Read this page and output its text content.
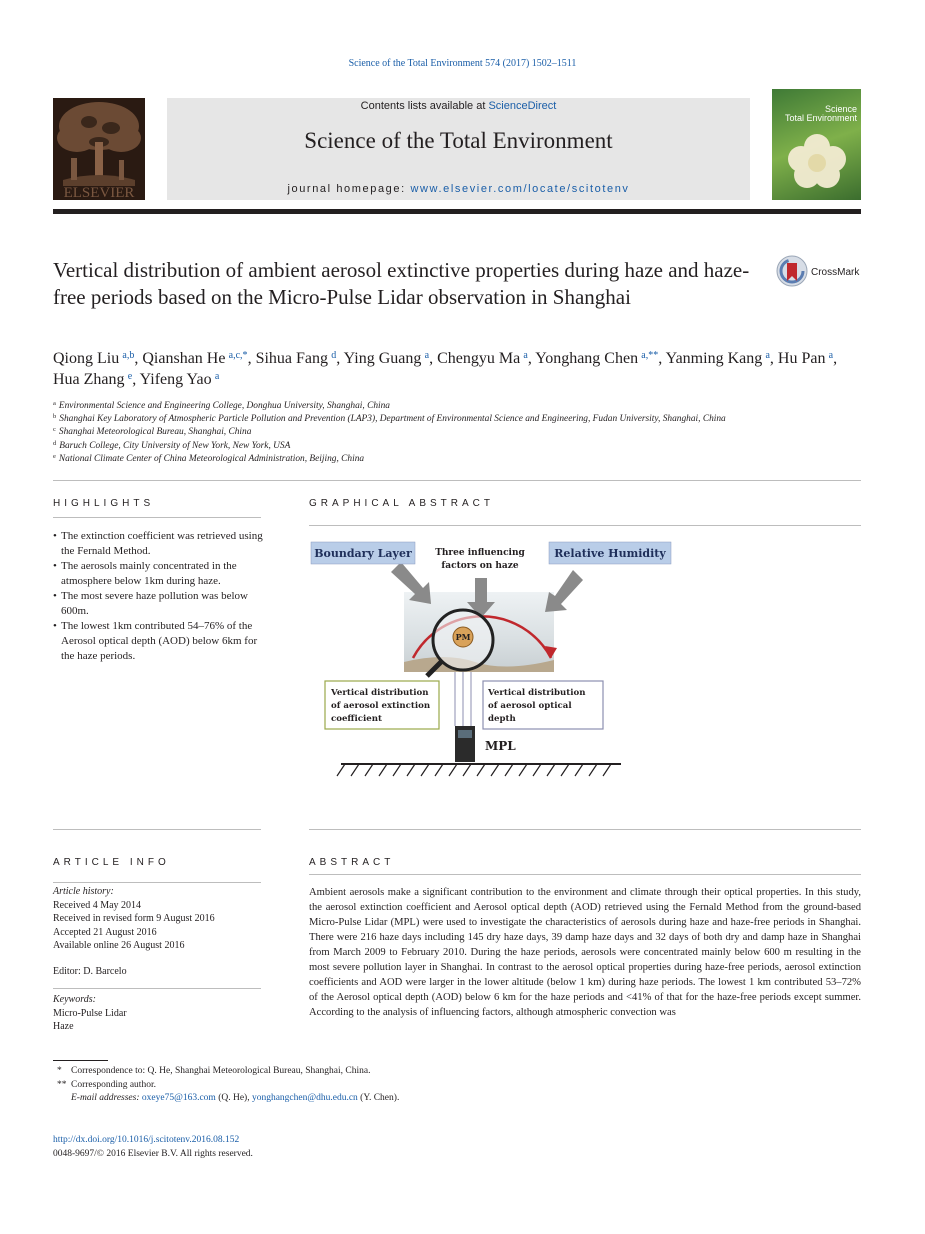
Science of the Total Environment 574 (2017) 1502–1511
ELSEVIER
Contents lists available at ScienceDirect
Science of the Total Environment
journal homepage: www.elsevier.com/locate/scitotenv
Science
Total Environment
Vertical distribution of ambient aerosol extinctive properties during haze and haze-free periods based on the Micro-Pulse Lidar observation in Shanghai
CrossMark
Qiong Liu  $^{a,b}$, Qianshan He  $^{a,c,*}$, Sihua Fang  $^d$, Ying Guang  $^a$, Chengyu Ma  $^a$, Yonghang Chen  $^{a,**}$, Yanming Kang  $^a$, Hu Pan  $^a$, Hua Zhang  $^e$, Yifeng Yao  $^a$
$^a$ Environmental Science and Engineering College, Donghua University, Shanghai, China
$^b$ Shanghai Key Laboratory of Atmospheric Particle Pollution and Prevention (LAP3), Department of Environmental Science and Engineering, Fudan University, Shanghai, China
$^c$ Shanghai Meteorological Bureau, Shanghai, China
$^d$ Baruch College, City University of New York, New York, USA
$^e$ National Climate Center of China Meteorological Administration, Beijing, China
HIGHLIGHTS
• The extinction coefficient was retrieved using the Fernald Method.
• The aerosols mainly concentrated in the atmosphere below 1km during haze.
• The most severe haze pollution was below 600m.
• The lowest 1km contributed 54–76% of the Aerosol optical depth (AOD) below 6km for the haze periods.
GRAPHICAL ABSTRACT
PM
Boundary Layer	Relative Humidity
Three influencing
factors on haze
Vertical distribution
of aerosol extinction
coefficient
Vertical distribution
of aerosol optical
depth
MPL
ARTICLE INFO
Article history:
Received 4 May 2014
Received in revised form 9 August 2016
Accepted 21 August 2016
Available online 26 August 2016
Editor: D. Barcelo
Keywords:
Micro-Pulse Lidar
Haze
ABSTRACT
Ambient aerosols make a significant contribution to the environment and climate through their optical properties. In this study, the aerosol extinction coefficient and Aerosol optical depth (AOD) retrieved using the Fernald Method from the ground-based Micro-Pulse Lidar (MPL) were used to investigate the characteristics of aerosols during haze and haze-free periods in Shanghai. There were 216 haze days including 145 dry haze days, 39 damp haze days and 32 days of both dry and damp haze in Shanghai from March 2009 to February 2010. During the haze periods, aerosols were concentrated mainly below 600 m resulting in the most severe pollution layer in Shanghai. In contrast to the aerosol optical properties during haze-free periods, aerosol extinction coefficients and AOD were larger in the lower altitude (below 1 km) during haze periods. The lowest 1 km contributed 53–72% of the Aerosol optical depth (AOD) below 6 km for the haze periods and <41% of that for the haze-free periods except summer. According to the analysis of influencing factors, although atmospheric convection was
* Correspondence to: Q. He, Shanghai Meteorological Bureau, Shanghai, China.
** Corresponding author.
E-mail addresses: oxeye75@163.com (Q. He), yonghangchen@dhu.edu.cn (Y. Chen).
http://dx.doi.org/10.1016/j.scitotenv.2016.08.152
0048-9697/© 2016 Elsevier B.V. All rights reserved.
